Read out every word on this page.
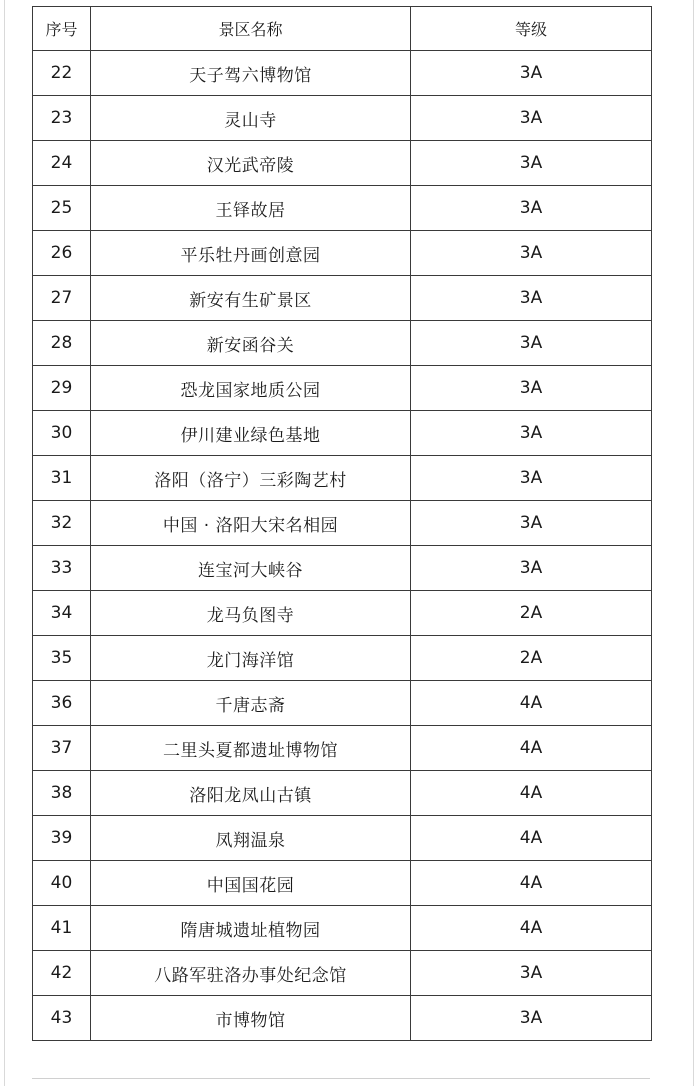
序号	景区名称	等级
22	天子驾六博物馆	3A
23	灵山寺	3A
24	汉光武帝陵	3A
25	王铎故居	3A
26	平乐牡丹画创意园	3A
27	新安有生矿景区	3A
28	新安函谷关	3A
29	恐龙国家地质公园	3A
30	伊川建业绿色基地	3A
31	洛阳（洛宁）三彩陶艺村	3A
32	中国 · 洛阳大宋名相园	3A
33	连宝河大峡谷	3A
34	龙马负图寺	2A
35	龙门海洋馆	2A
36	千唐志斋	4A
37	二里头夏都遗址博物馆	4A
38	洛阳龙凤山古镇	4A
39	凤翔温泉	4A
40	中国国花园	4A
41	隋唐城遗址植物园	4A
42	八路军驻洛办事处纪念馆	3A
43	市博物馆	3A
